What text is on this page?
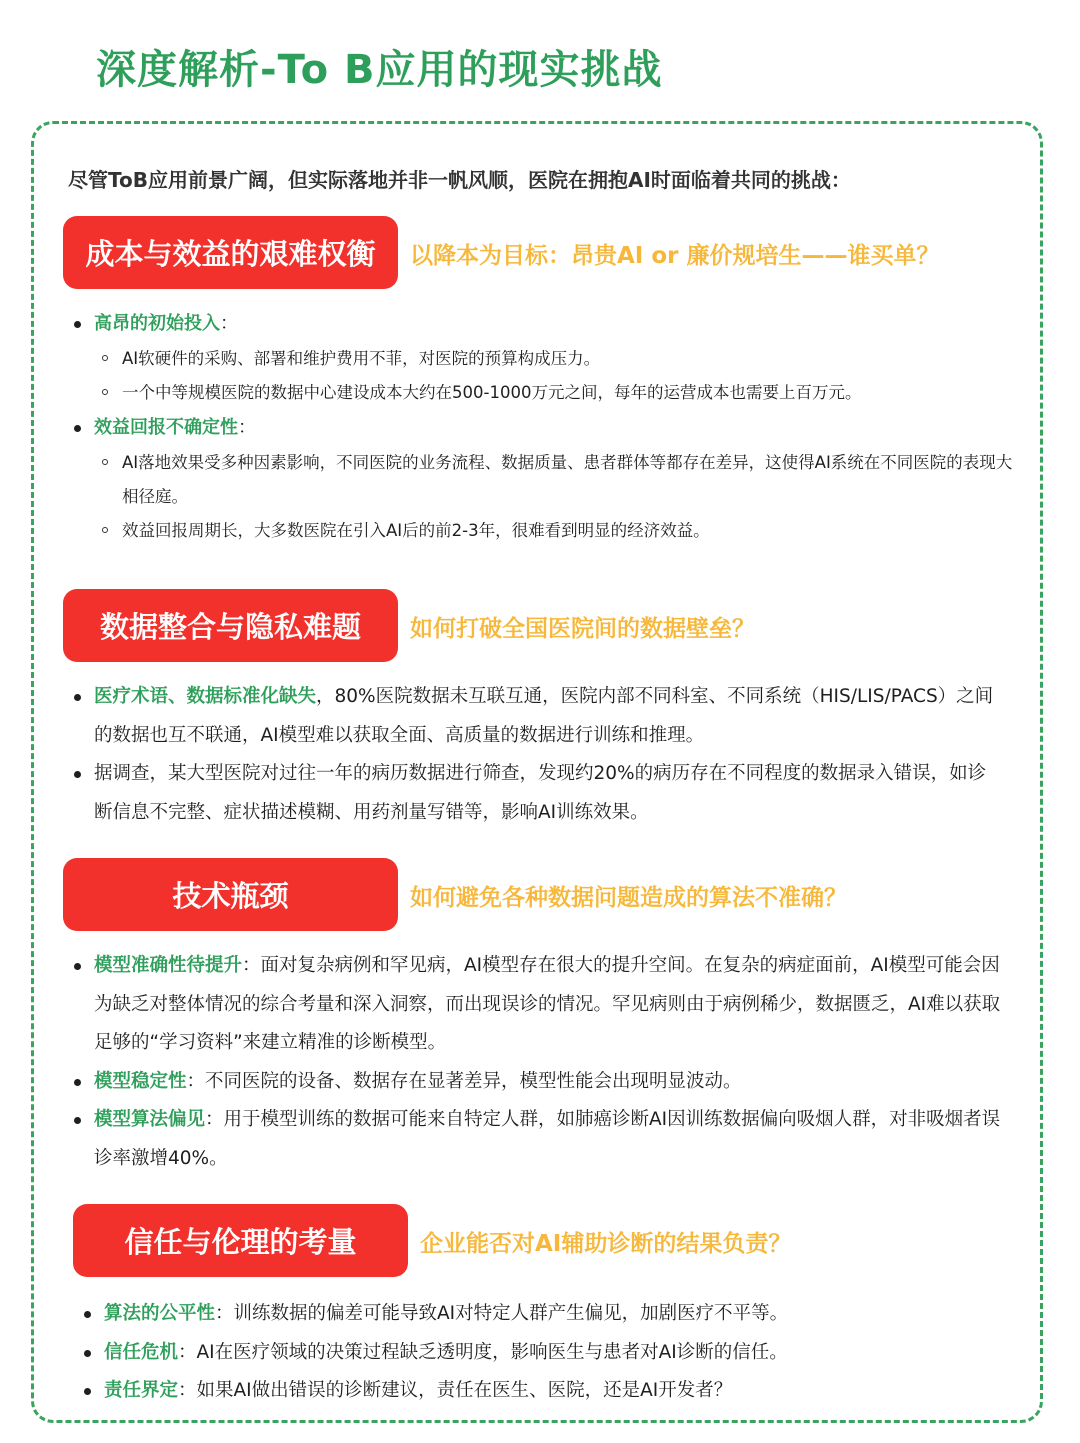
深度解析-To B应用的现实挑战
尽管ToB应用前景广阔，但实际落地并非一帆风顺，医院在拥抱AI时面临着共同的挑战：
成本与效益的艰难权衡	以降本为目标：昂贵AI or 廉价规培生——谁买单？
高昂的初始投入：
AI软硬件的采购、部署和维护费用不菲，对医院的预算构成压力。
一个中等规模医院的数据中心建设成本大约在500-1000万元之间，每年的运营成本也需要上百万元。
效益回报不确定性：
AI落地效果受多种因素影响，不同医院的业务流程、数据质量、患者群体等都存在差异，这使得AI系统在不同医院的表现大相径庭。
效益回报周期长，大多数医院在引入AI后的前2-3年，很难看到明显的经济效益。
数据整合与隐私难题	如何打破全国医院间的数据壁垒？
医疗术语、数据标准化缺失，80%医院数据未互联互通，医院内部不同科室、不同系统（HIS/LIS/PACS）之间的数据也互不联通，AI模型难以获取全面、高质量的数据进行训练和推理。
据调查，某大型医院对过往一年的病历数据进行筛查，发现约20%的病历存在不同程度的数据录入错误，如诊断信息不完整、症状描述模糊、用药剂量写错等，影响AI训练效果。
技术瓶颈	如何避免各种数据问题造成的算法不准确？
模型准确性待提升：面对复杂病例和罕见病，AI模型存在很大的提升空间。在复杂的病症面前，AI模型可能会因为缺乏对整体情况的综合考量和深入洞察，而出现误诊的情况。罕见病则由于病例稀少，数据匮乏，AI难以获取足够的“学习资料”来建立精准的诊断模型。
模型稳定性：不同医院的设备、数据存在显著差异，模型性能会出现明显波动。
模型算法偏见：用于模型训练的数据可能来自特定人群，如肺癌诊断AI因训练数据偏向吸烟人群，对非吸烟者误诊率激增40%。
信任与伦理的考量	企业能否对AI辅助诊断的结果负责？
算法的公平性：训练数据的偏差可能导致AI对特定人群产生偏见，加剧医疗不平等。
信任危机：AI在医疗领域的决策过程缺乏透明度，影响医生与患者对AI诊断的信任。
责任界定：如果AI做出错误的诊断建议，责任在医生、医院，还是AI开发者？
